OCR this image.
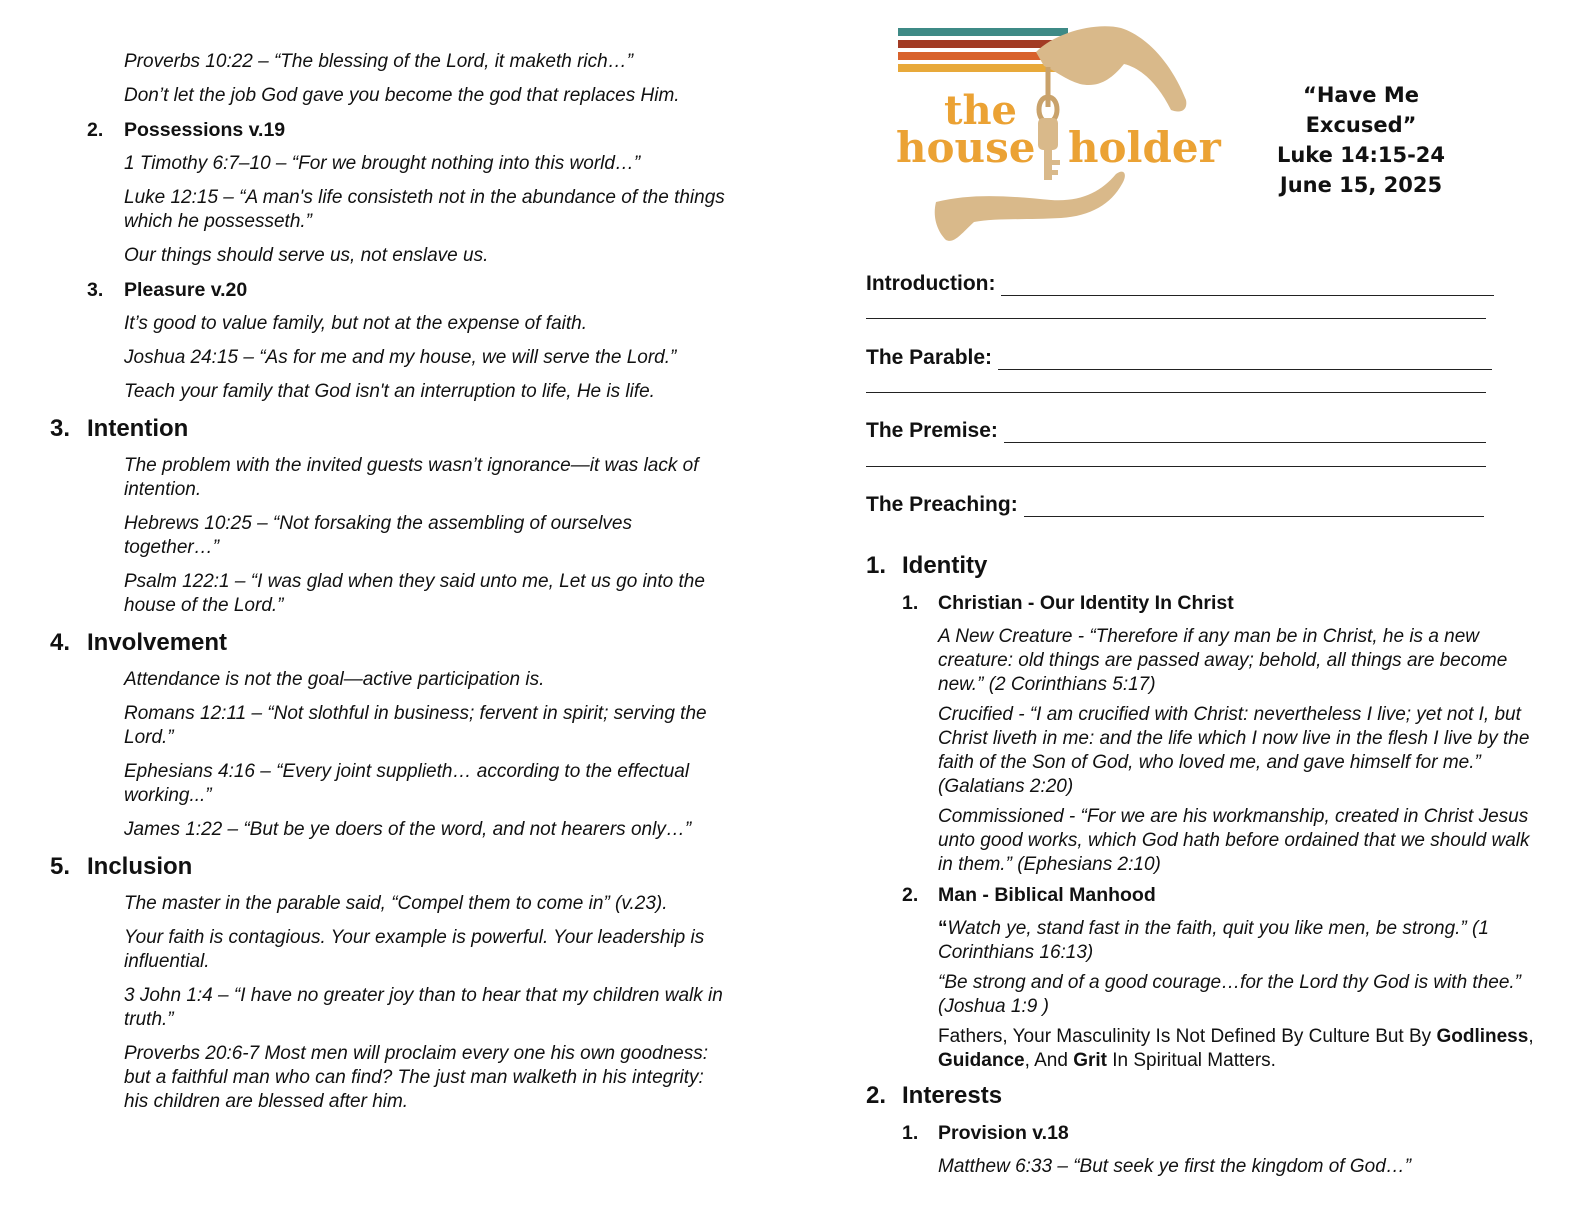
Proverbs 10:22 – “The blessing of the Lord, it maketh rich…”

Don’t let the job God gave you become the god that replaces Him.

2.	Possessions v.19

1 Timothy 6:7–10 – “For we brought nothing into this world…”

Luke 12:15 – “A man's life consisteth not in the abundance of the things which he possesseth.”

Our things should serve us, not enslave us.

3.	Pleasure v.20

It’s good to value family, but not at the expense of faith.

Joshua 24:15 – “As for me and my house, we will serve the Lord.”

Teach your family that God isn't an interruption to life, He is life.

3. Intention

The problem with the invited guests wasn’t ignorance—it was lack of intention.

Hebrews 10:25 – “Not forsaking the assembling of ourselves together…”

Psalm 122:1 – “I was glad when they said unto me, Let us go into the house of the Lord.”

4. Involvement

Attendance is not the goal—active participation is.

Romans 12:11 – “Not slothful in business; fervent in spirit; serving the Lord.”

Ephesians 4:16 – “Every joint supplieth… according to the effectual working...”

James 1:22 – “But be ye doers of the word, and not hearers only…”

5. Inclusion

The master in the parable said, “Compel them to come in” (v.23).

Your faith is contagious. Your example is powerful. Your leadership is influential.

3 John 1:4 – “I have no greater joy than to hear that my children walk in truth.”

Proverbs 20:6-7 Most men will proclaim every one his own goodness: but a faithful man who can find? The just man walketh in his integrity: his children are blessed after him.

the
house holder
“Have Me Excused”
Luke 14:15-24
June 15, 2025
Introduction:
The Parable:
The Premise:
The Preaching:
1. Identity
1.	Christian - Our Identity In Christ

A New Creature - “Therefore if any man be in Christ, he is a new creature: old things are passed away; behold, all things are become new.” (2 Corinthians 5:17)

Crucified - “I am crucified with Christ: nevertheless I live; yet not I, but Christ liveth in me: and the life which I now live in the flesh I live by the faith of the Son of God, who loved me, and gave himself for me.” (Galatians 2:20)

Commissioned - “For we are his workmanship, created in Christ Jesus unto good works, which God hath before ordained that we should walk in them.” (Ephesians 2:10)

2.	Man - Biblical Manhood

“Watch ye, stand fast in the faith, quit you like men, be strong.” (1 Corinthians 16:13)

“Be strong and of a good courage…for the Lord thy God is with thee.” (Joshua 1:9 )

Fathers, Your Masculinity Is Not Defined By Culture But By Godliness, Guidance, And Grit In Spiritual Matters.

2. Interests
1.	Provision v.18

Matthew 6:33 – “But seek ye first the kingdom of God…”
